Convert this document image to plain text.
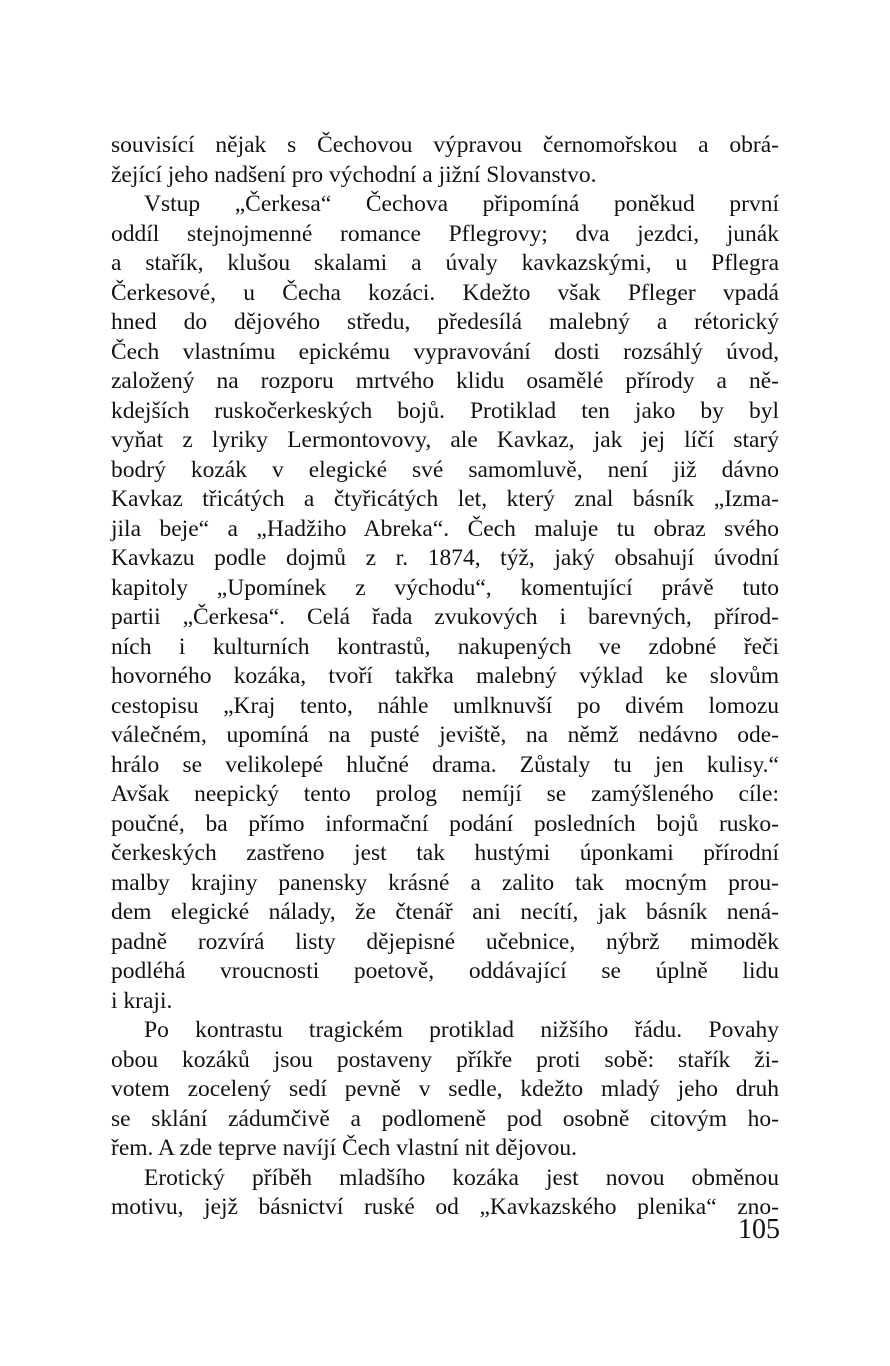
souvisící nějak s Čechovou výpravou černomořskou a obrá-
žející jeho nadšení pro východní a jižní Slovanstvo.
Vstup „Čerkesa“ Čechova připomíná poněkud první
oddíl stejnojmenné romance Pflegrovy; dva jezdci, junák
a stařík, klušou skalami a úvaly kavkazskými, u Pflegra
Čerkesové, u Čecha kozáci. Kdežto však Pfleger vpadá
hned do dějového středu, předesílá malebný a rétorický
Čech vlastnímu epickému vypravování dosti rozsáhlý úvod,
založený na rozporu mrtvého klidu osamělé přírody a ně-
kdejších ruskočerkeských bojů. Protiklad ten jako by byl
vyňat z lyriky Lermontovovy, ale Kavkaz, jak jej líčí starý
bodrý kozák v elegické své samomluvě, není již dávno
Kavkaz třicátých a čtyřicátých let, který znal básník „Izma-
jila beje“ a „Hadžiho Abreka“. Čech maluje tu obraz svého
Kavkazu podle dojmů z r. 1874, týž, jaký obsahují úvodní
kapitoly „Upomínek z východu“, komentující právě tuto
partii „Čerkesa“. Celá řada zvukových i barevných, přírod-
ních i kulturních kontrastů, nakupených ve zdobné řeči
hovorného kozáka, tvoří takřka malebný výklad ke slovům
cestopisu „Kraj tento, náhle umlknuvší po divém lomozu
válečném, upomíná na pusté jeviště, na němž nedávno ode-
hrálo se velikolepé hlučné drama. Zůstaly tu jen kulisy.“
Avšak neepický tento prolog nemíjí se zamýšleného cíle:
poučné, ba přímo informační podání posledních bojů rusko-
čerkeských zastřeno jest tak hustými úponkami přírodní
malby krajiny panensky krásné a zalito tak mocným prou-
dem elegické nálady, že čtenář ani necítí, jak básník nená-
padně rozvírá listy dějepisné učebnice, nýbrž mimoděk
podléhá vroucnosti poetově, oddávající se úplně lidu
i kraji.
Po kontrastu tragickém protiklad nižšího řádu. Povahy
obou kozáků jsou postaveny příkře proti sobě: stařík ži-
votem zocelený sedí pevně v sedle, kdežto mladý jeho druh
se sklání zádumčivě a podlomeně pod osobně citovým ho-
řem. A zde teprve navíjí Čech vlastní nit dějovou.
Erotický příběh mladšího kozáka jest novou obměnou
motivu, jejž básnictví ruské od „Kavkazského plenika“ zno-
105
